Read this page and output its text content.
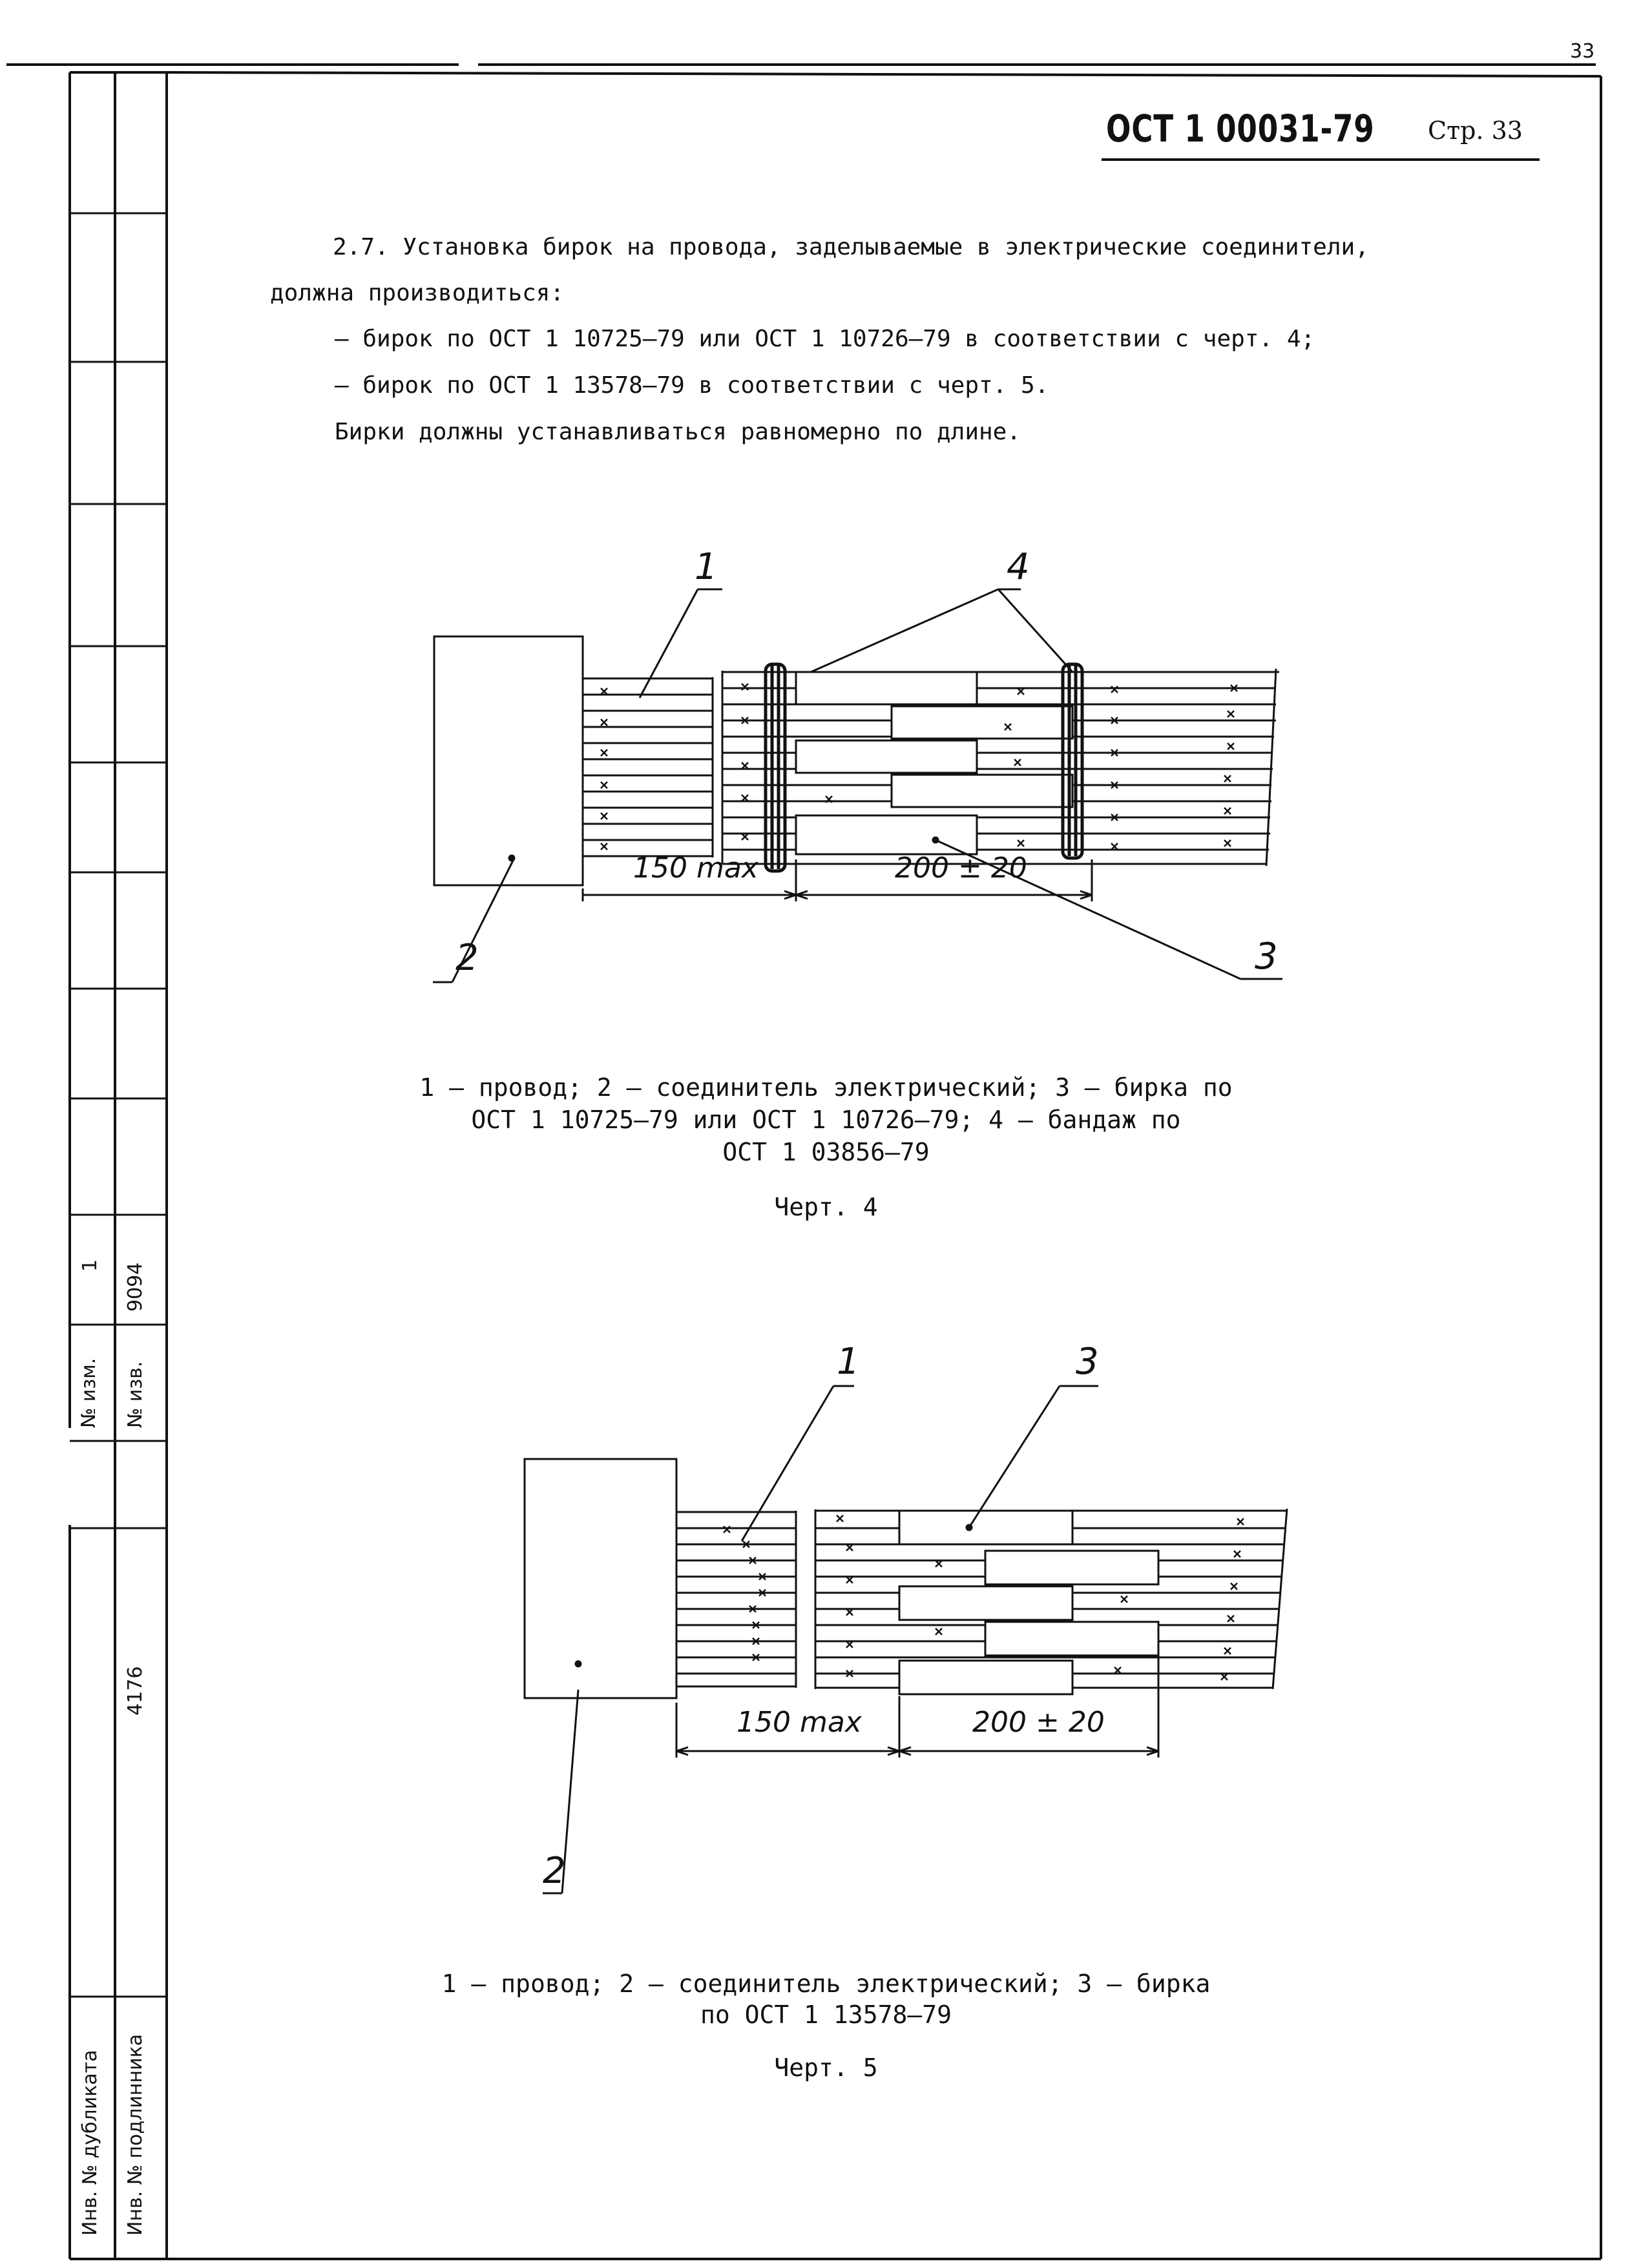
33
ОСТ 1 00031-79 Стр. 33
2.7. Установка бирок на провода, заделываемые в электрические соединители,
должна производиться:
– бирок по ОСТ 1 10725–79 или ОСТ 1 10726–79 в соответствии с черт. 4;
– бирок по ОСТ 1 13578–79 в соответствии с черт. 5.
Бирки должны устанавливаться равномерно по длине.
1	4
2	3
150 max	200 ± 20
1 – провод; 2 – соединитель электрический; 3 – бирка по
ОСТ 1 10725–79 или ОСТ 1 10726–79; 4 – бандаж по
ОСТ 1 03856–79
Черт. 4
1	3
2
150 max	200 ± 20
1 – провод; 2 – соединитель электрический; 3 – бирка
по ОСТ 1 13578–79
Черт. 5
№ изм.
1
№ изв.
9094
4176
Инв. № дубликата Инв. № подлинника
